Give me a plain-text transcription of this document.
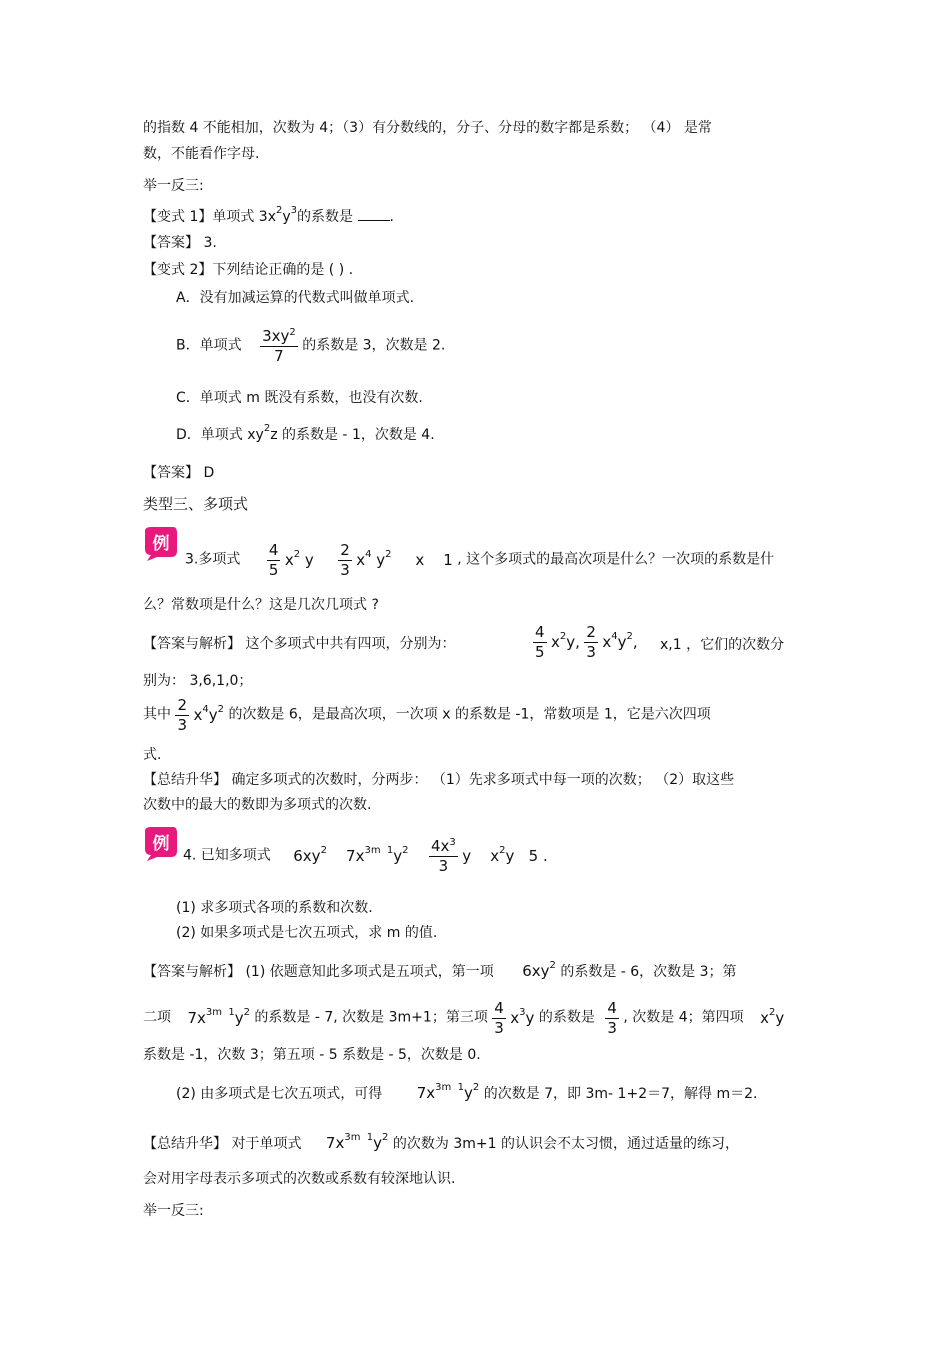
的指数 4 不能相加，次数为 4；（3）有分数线的，分子、分母的数字都是系数； （4） 是常
数，不能看作字母.
举一反三:
【变式 1】单项式 $3x^2y^3$的系数是	.
【答案】 3.
【变式 2】下列结论正确的是 ( ) .
A．没有加减运算的代数式叫做单项式.
B．单项式 $\frac{3xy^2}{7}$ 的系数是 3，次数是 2.
C．单项式 m 既没有系数，也没有次数.
D．单项式 $xy^2z$ 的系数是 - 1，次数是 4.
【答案】 D
类型三、多项式
例
3.多项式 $\frac{4}{5} x^2$ y $\frac{2}{3} x^4$ $y^2$     x    1 , 这个多项式的最高次项是什么？一次项的系数是什
么？常数项是什么？这是几次几项式 ?
【答案与解析】 这个多项式中共有四项，分别为：	$\frac{4}{5} x^2y$, $\frac{2}{3} x^4y^2$, x,1 ，它们的次数分
别为： 3,6,1,0；
其中 $\frac{2}{3} x^4y^2$ 的次数是 6，是最高次项，一次项 x 的系数是 -1，常数项是 1，它是六次四项
式.
【总结升华】 确定多项式的次数时，分两步： （1）先求多项式中每一项的次数； （2）取这些
次数中的最大的数即为多项式的次数.
例
4. 已知多项式 $6xy^2$    $7x^{3m 1}y^2 \frac{4x^3}{3}$ y    $x^2y$   5 .
(1) 求多项式各项的系数和次数.
(2) 如果多项式是七次五项式，求 m 的值.
【答案与解析】 (1) 依题意知此多项式是五项式，第一项 $6xy^2$ 的系数是 - 6，次数是 3；第
二项 $7x^{3m 1}y^2$ 的系数是 - 7, 次数是 3m+1；第三项 $\frac{4}{3} x^3y$ 的系数是 $\frac{4}{3}$ , 次数是 4；第四项 $x^2y$
系数是 -1，次数 3；第五项 - 5 系数是 - 5，次数是 0.
(2) 由多项式是七次五项式，可得 $7x^{3m 1}y^2$ 的次数是 7，即 3m- 1+2＝7，解得 m＝2.
【总结升华】 对于单项式 $7x^{3m 1}y^2$ 的次数为 3m+1 的认识会不太习惯，通过适量的练习，
会对用字母表示多项式的次数或系数有较深地认识.
举一反三:
